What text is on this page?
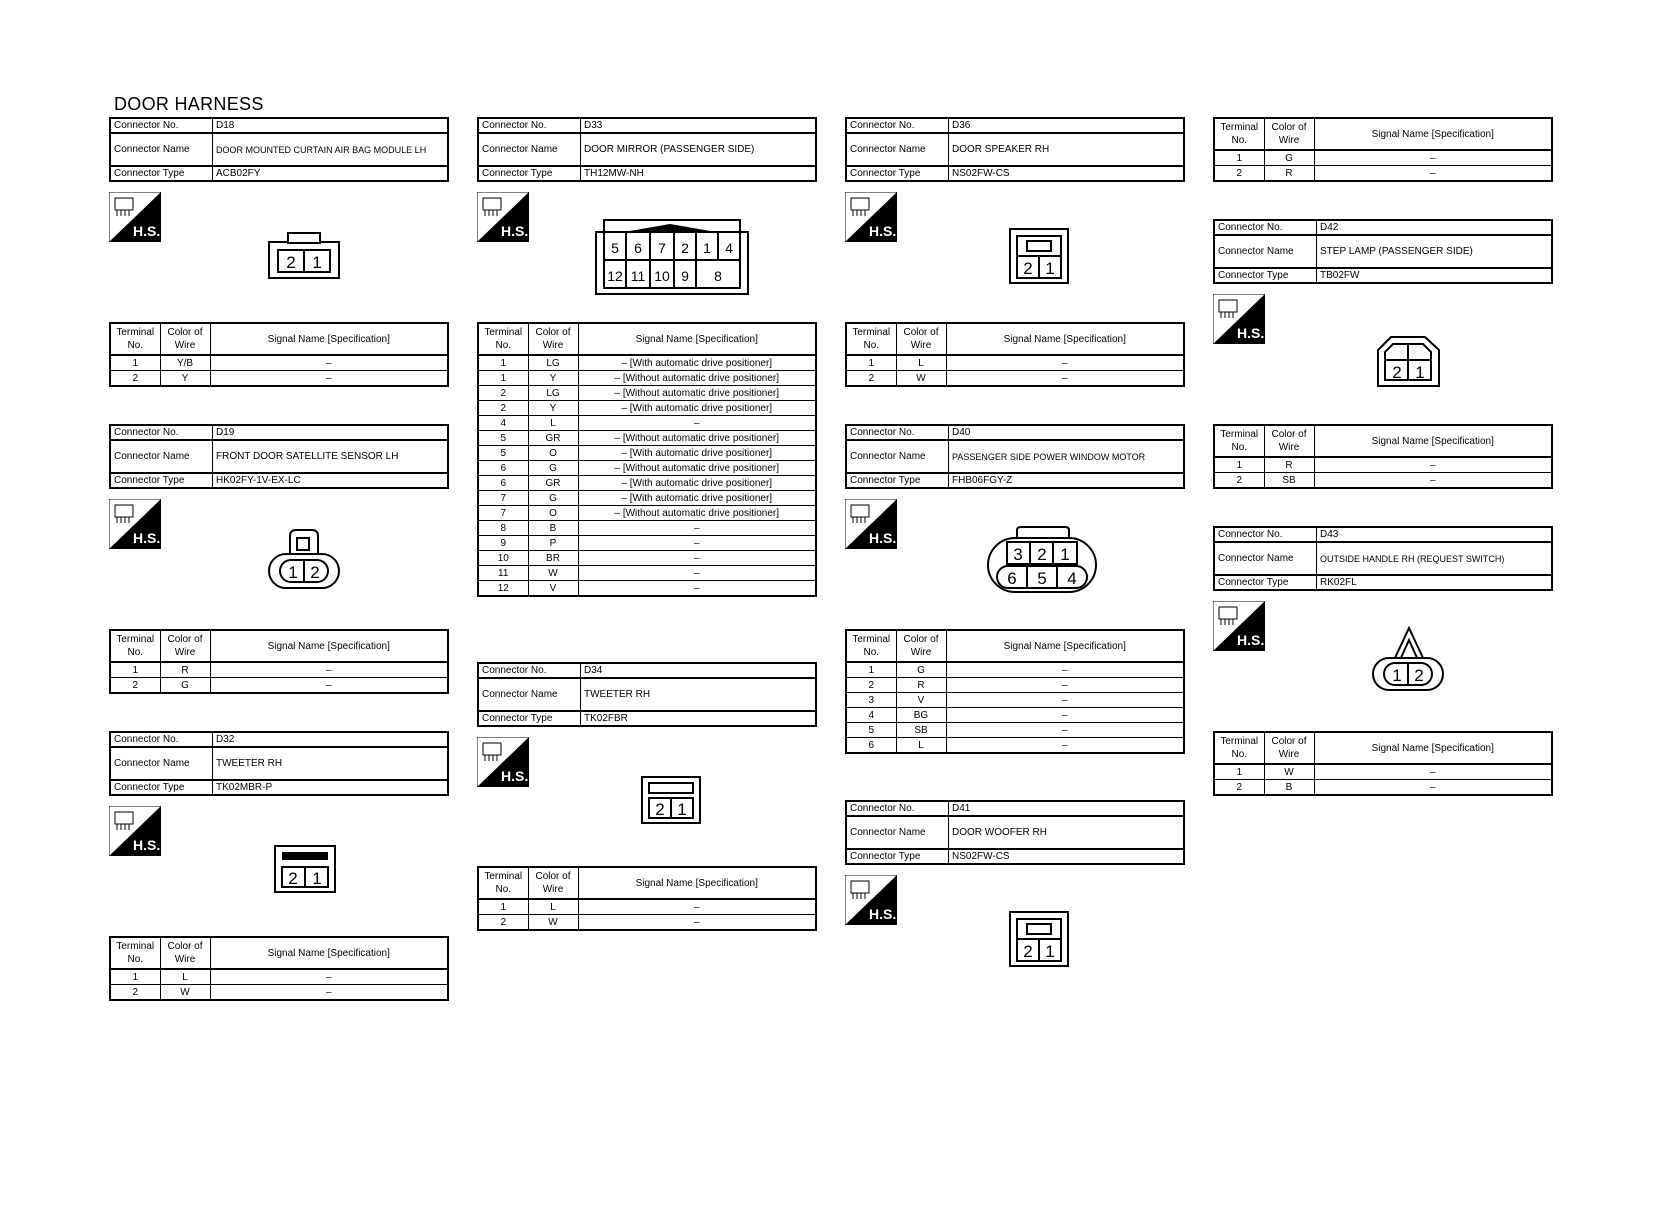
DOOR HARNESS
Connector No.	D18
Connector Name	DOOR MOUNTED CURTAIN AIR BAG MODULE LH
Connector Type	ACB02FY
H.S.
2 1
Terminal No.	Color of Wire	Signal Name [Specification]
1	Y/B	–
2	Y	–
Connector No.	D19
Connector Name	FRONT DOOR SATELLITE SENSOR LH
Connector Type	HK02FY-1V-EX-LC
H.S.
1 2
Terminal No.	Color of Wire	Signal Name [Specification]
1	R	–
2	G	–
Connector No.	D32
Connector Name	TWEETER RH
Connector Type	TK02MBR-P
H.S.
2 1
Terminal No.	Color of Wire	Signal Name [Specification]
1	L	–
2	W	–
Connector No.	D33
Connector Name	DOOR MIRROR (PASSENGER SIDE)
Connector Type	TH12MW-NH
H.S.
5 6 7 2 1 4
12 11 10 9 8
Terminal No.	Color of Wire	Signal Name [Specification]
1	LG	– [With automatic drive positioner]
1	Y	– [Without automatic drive positioner]
2	LG	– [Without automatic drive positioner]
2	Y	– [With automatic drive positioner]
4	L	–
5	GR	– [Without automatic drive positioner]
5	O	– [With automatic drive positioner]
6	G	– [Without automatic drive positioner]
6	GR	– [With automatic drive positioner]
7	G	– [With automatic drive positioner]
7	O	– [Without automatic drive positioner]
8	B	–
9	P	–
10	BR	–
11	W	–
12	V	–
Connector No.	D34
Connector Name	TWEETER RH
Connector Type	TK02FBR
H.S.
2 1
Terminal No.	Color of Wire	Signal Name [Specification]
1	L	–
2	W	–
Connector No.	D36
Connector Name	DOOR SPEAKER RH
Connector Type	NS02FW-CS
H.S.
2 1
Terminal No.	Color of Wire	Signal Name [Specification]
1	L	–
2	W	–
Connector No.	D40
Connector Name	PASSENGER SIDE POWER WINDOW MOTOR
Connector Type	FHB06FGY-Z
H.S.
3 2 1
6 5 4
Terminal No.	Color of Wire	Signal Name [Specification]
1	G	–
2	R	–
3	V	–
4	BG	–
5	SB	–
6	L	–
Connector No.	D41
Connector Name	DOOR WOOFER RH
Connector Type	NS02FW-CS
H.S.
2 1
Terminal No.	Color of Wire	Signal Name [Specification]
1	G	–
2	R	–
Connector No.	D42
Connector Name	STEP LAMP (PASSENGER SIDE)
Connector Type	TB02FW
H.S.
2 1
Terminal No.	Color of Wire	Signal Name [Specification]
1	R	–
2	SB	–
Connector No.	D43
Connector Name	OUTSIDE HANDLE RH (REQUEST SWITCH)
Connector Type	RK02FL
H.S.
1 2
Terminal No.	Color of Wire	Signal Name [Specification]
1	W	–
2	B	–
